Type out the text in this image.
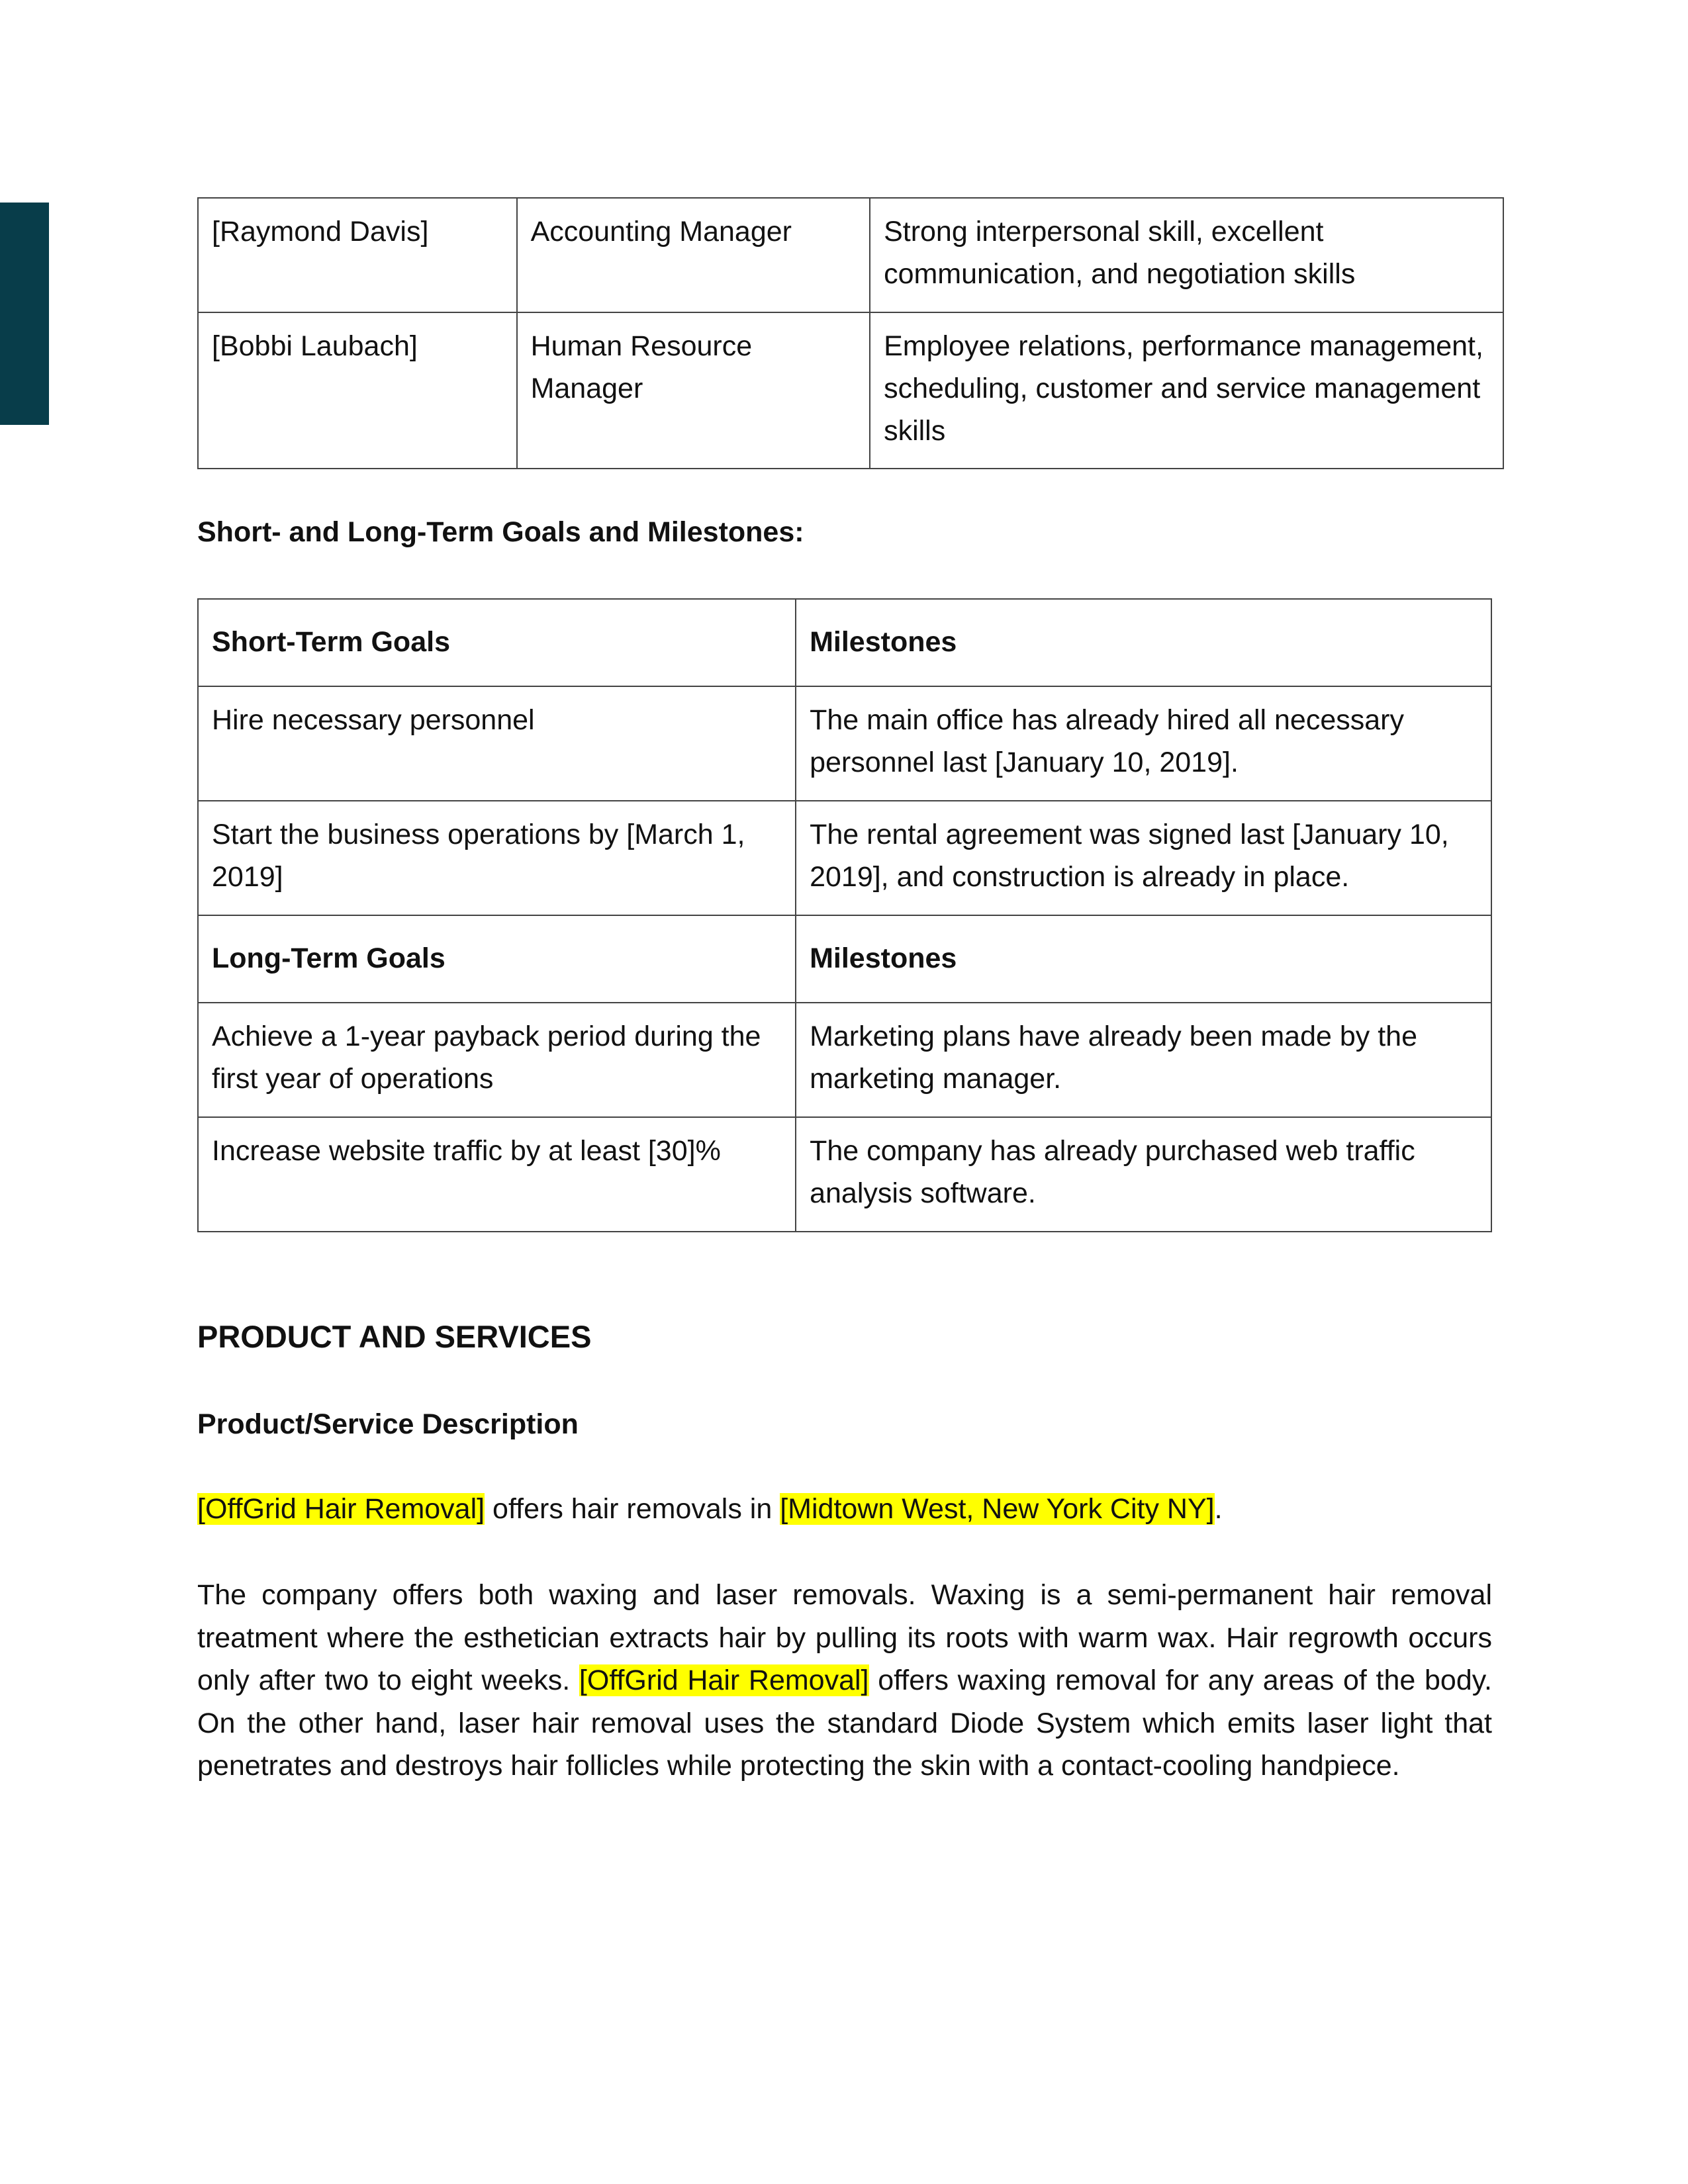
[Raymond Davis]	Accounting Manager	Strong interpersonal skill, excellent communication, and negotiation skills
[Bobbi Laubach]	Human Resource Manager	Employee relations, performance management, scheduling, customer and service management skills

Short- and Long-Term Goals and Milestones:

Short-Term Goals	Milestones
Hire necessary personnel	The main office has already hired all necessary personnel last [January 10, 2019].
Start the business operations by [March 1, 2019]	The rental agreement was signed last [January 10, 2019], and construction is already in place.
Long-Term Goals	Milestones
Achieve a 1-year payback period during the first year of operations	Marketing plans have already been made by the marketing manager.
Increase website traffic by at least [30]%	The company has already purchased web traffic analysis software.

PRODUCT AND SERVICES

Product/Service Description

[OffGrid Hair Removal] offers hair removals in [Midtown West, New York City NY].

The company offers both waxing and laser removals. Waxing is a semi-permanent hair removal treatment where the esthetician extracts hair by pulling its roots with warm wax. Hair regrowth occurs only after two to eight weeks. [OffGrid Hair Removal] offers waxing removal for any areas of the body. On the other hand, laser hair removal uses the standard Diode System which emits laser light that penetrates and destroys hair follicles while protecting the skin with a contact-cooling handpiece.
